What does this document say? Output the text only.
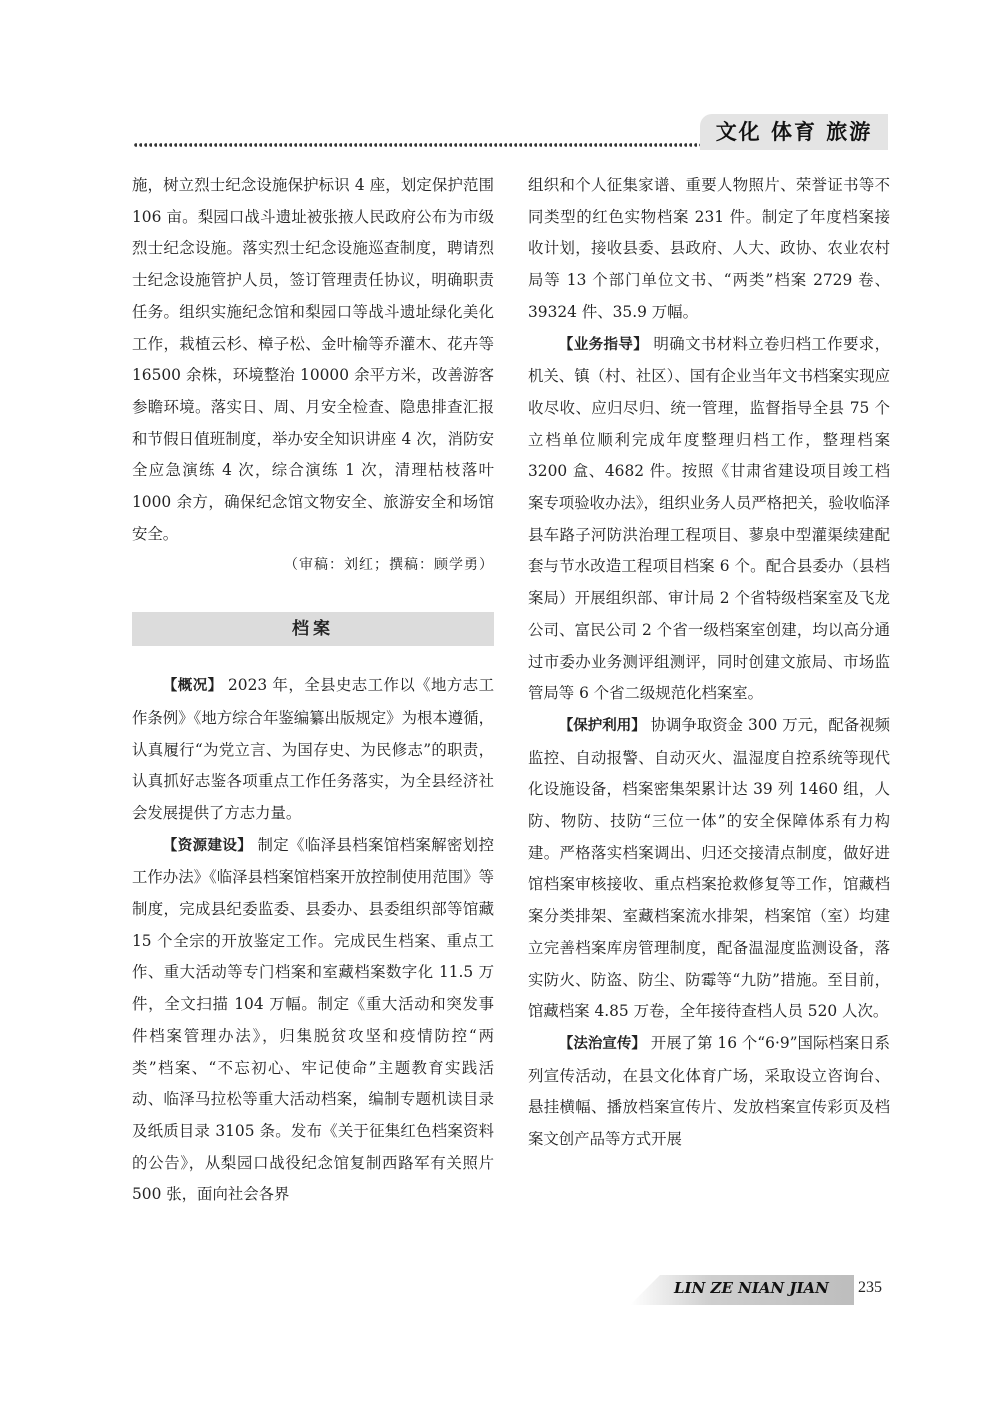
文化 体育 旅游

施，树立烈士纪念设施保护标识 4 座，划定保护范围 106 亩。梨园口战斗遗址被张掖人民政府公布为市级烈士纪念设施。落实烈士纪念设施巡查制度，聘请烈士纪念设施管护人员，签订管理责任协议，明确职责任务。组织实施纪念馆和梨园口等战斗遗址绿化美化工作，栽植云杉、樟子松、金叶榆等乔灌木、花卉等 16500 余株，环境整治 10000 余平方米，改善游客参瞻环境。落实日、周、月安全检查、隐患排查汇报和节假日值班制度，举办安全知识讲座 4 次，消防安全应急演练 4 次，综合演练 1 次，清理枯枝落叶 1000 余方，确保纪念馆文物安全、旅游安全和场馆安全。

（审稿：刘红；撰稿：顾学勇）

档案

【概况】 2023 年，全县史志工作以《地方志工作条例》《地方综合年鉴编纂出版规定》为根本遵循，认真履行“为党立言、为国存史、为民修志”的职责，认真抓好志鉴各项重点工作任务落实，为全县经济社会发展提供了方志力量。

【资源建设】 制定《临泽县档案馆档案解密划控工作办法》《临泽县档案馆档案开放控制使用范围》等制度，完成县纪委监委、县委办、县委组织部等馆藏 15 个全宗的开放鉴定工作。完成民生档案、重点工作、重大活动等专门档案和室藏档案数字化 11.5 万件，全文扫描 104 万幅。制定《重大活动和突发事件档案管理办法》，归集脱贫攻坚和疫情防控“两类”档案、“不忘初心、牢记使命”主题教育实践活动、临泽马拉松等重大活动档案，编制专题机读目录及纸质目录 3105 条。发布《关于征集红色档案资料的公告》，从梨园口战役纪念馆复制西路军有关照片 500 张，面向社会各界

组织和个人征集家谱、重要人物照片、荣誉证书等不同类型的红色实物档案 231 件。制定了年度档案接收计划，接收县委、县政府、人大、政协、农业农村局等 13 个部门单位文书、“两类”档案 2729 卷、39324 件、35.9 万幅。

【业务指导】 明确文书材料立卷归档工作要求，机关、镇（村、社区）、国有企业当年文书档案实现应收尽收、应归尽归、统一管理，监督指导全县 75 个立档单位顺利完成年度整理归档工作，整理档案 3200 盒、4682 件。按照《甘肃省建设项目竣工档案专项验收办法》，组织业务人员严格把关，验收临泽县车路子河防洪治理工程项目、蓼泉中型灌渠续建配套与节水改造工程项目档案 6 个。配合县委办（县档案局）开展组织部、审计局 2 个省特级档案室及飞龙公司、富民公司 2 个省一级档案室创建，均以高分通过市委办业务测评组测评，同时创建文旅局、市场监管局等 6 个省二级规范化档案室。

【保护利用】 协调争取资金 300 万元，配备视频监控、自动报警、自动灭火、温湿度自控系统等现代化设施设备，档案密集架累计达 39 列 1460 组，人防、物防、技防“三位一体”的安全保障体系有力构建。严格落实档案调出、归还交接清点制度，做好进馆档案审核接收、重点档案抢救修复等工作，馆藏档案分类排架、室藏档案流水排架，档案馆（室）均建立完善档案库房管理制度，配备温湿度监测设备，落实防火、防盗、防尘、防霉等“九防”措施。至目前，馆藏档案 4.85 万卷，全年接待查档人员 520 人次。

【法治宣传】 开展了第 16 个“6·9”国际档案日系列宣传活动，在县文化体育广场，采取设立咨询台、悬挂横幅、播放档案宣传片、发放档案宣传彩页及档案文创产品等方式开展

LIN ZE NIAN JIAN 235
